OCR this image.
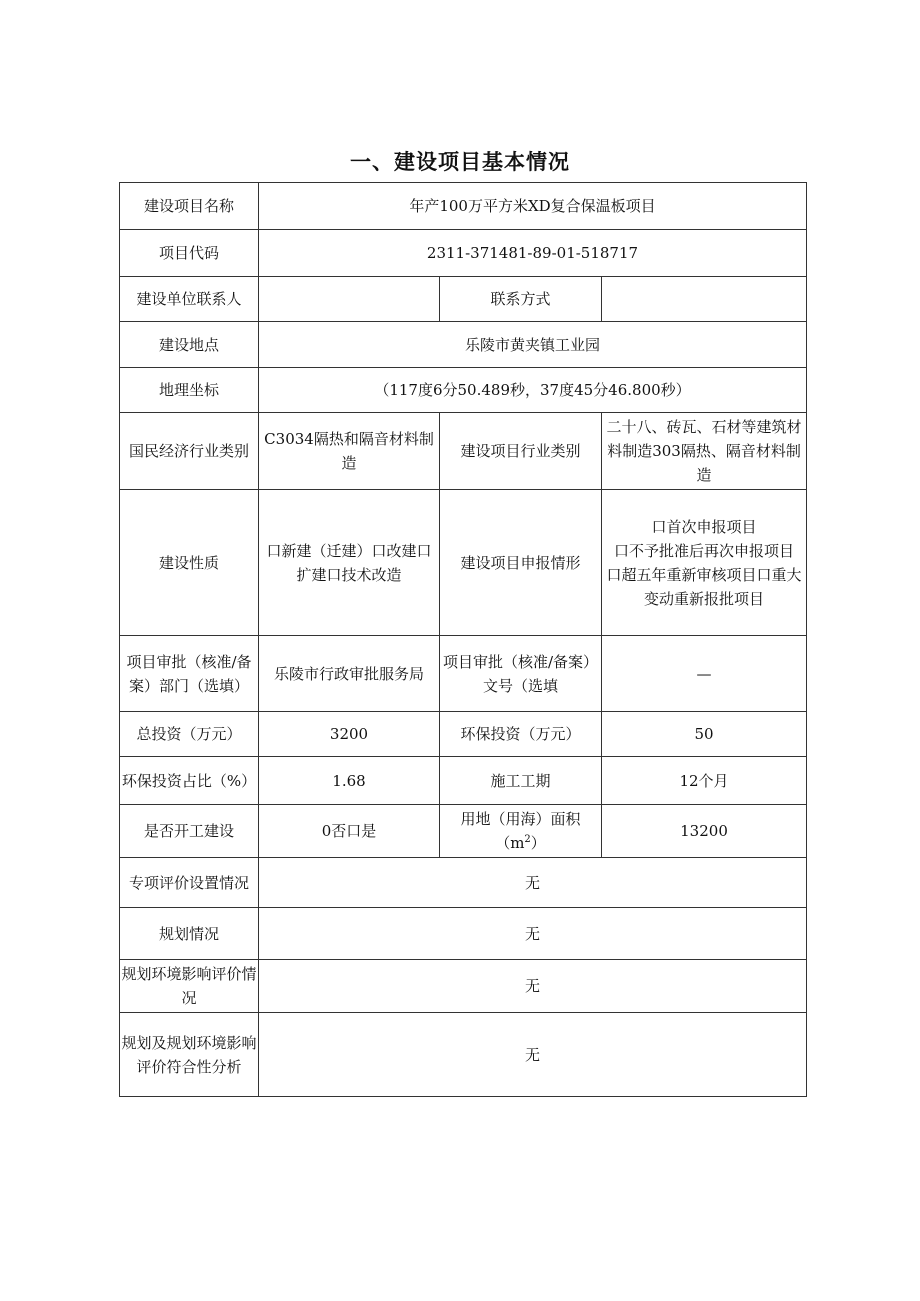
一、建设项目基本情况
建设项目名称	年产100万平方米XD复合保温板项目		
项目代码	2311-371481-89-01-518717		
建设单位联系人		联系方式	
建设地点	乐陵市黄夹镇工业园		
地理坐标	（117度6分50.489秒，37度45分46.800秒）		
国民经济行业类别	C3034隔热和隔音材料制造	建设项目行业类别	二十八、砖瓦、石材等建筑材料制造303隔热、隔音材料制造
建设性质	口新建（迁建）口改建口扩建口技术改造	建设项目申报情形	口首次申报项目
口不予批准后再次申报项目
口超五年重新审核项目口重大变动重新报批项目

项目审批（核准/备案）部门（选填）	乐陵市行政审批服务局	项目审批（核准/备案）文号（选填	—
总投资（万元）	3200	环保投资（万元）	50
环保投资占比（%）	1.68	施工工期	12个月
是否开工建设	0否口是	用地（用海）面积$(m^2)$	13200
专项评价设置情况	无		
规划情况	无		
规划环境影响评价情况	无		
规划及规划环境影响评价符合性分析	无		
